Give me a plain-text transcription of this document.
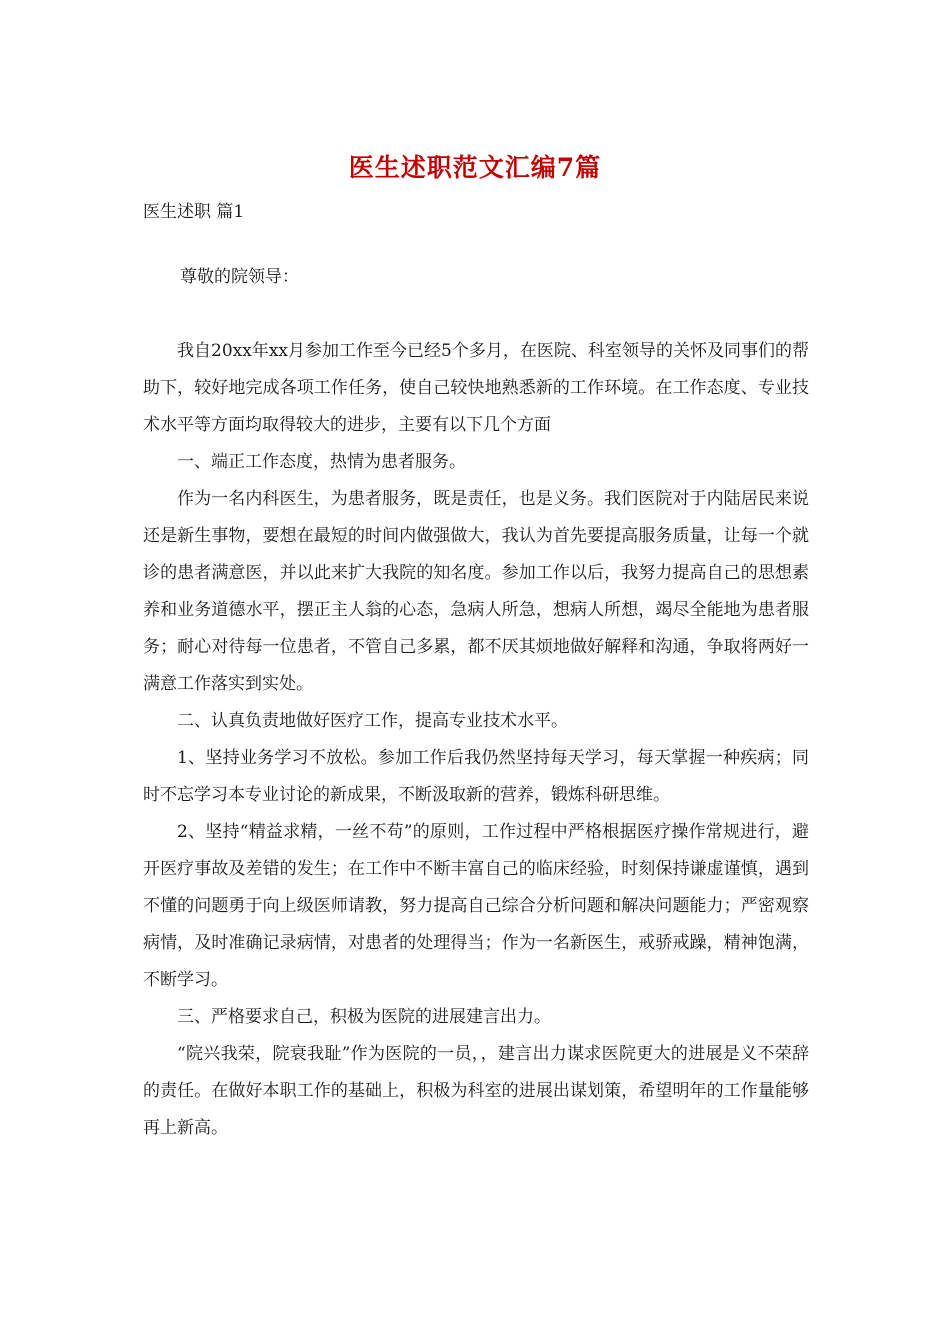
医生述职范文汇编7篇
医生述职 篇1
尊敬的院领导：

我自20xx年xx月参加工作至今已经5个多月，在医院、科室领导的关怀及同事们的帮助下，较好地完成各项工作任务，使自己较快地熟悉新的工作环境。在工作态度、专业技术水平等方面均取得较大的进步，主要有以下几个方面

一、端正工作态度，热情为患者服务。

作为一名内科医生，为患者服务，既是责任，也是义务。我们医院对于内陆居民来说还是新生事物，要想在最短的时间内做强做大，我认为首先要提高服务质量，让每一个就诊的患者满意医，并以此来扩大我院的知名度。参加工作以后，我努力提高自己的思想素养和业务道德水平，摆正主人翁的心态，急病人所急，想病人所想，竭尽全能地为患者服务；耐心对待每一位患者，不管自己多累，都不厌其烦地做好解释和沟通，争取将两好一满意工作落实到实处。

二、认真负责地做好医疗工作，提高专业技术水平。

1、坚持业务学习不放松。参加工作后我仍然坚持每天学习，每天掌握一种疾病；同时不忘学习本专业讨论的新成果，不断汲取新的营养，锻炼科研思维。

2、坚持“精益求精，一丝不苟”的原则，工作过程中严格根据医疗操作常规进行，避开医疗事故及差错的发生；在工作中不断丰富自己的临床经验，时刻保持谦虚谨慎，遇到不懂的问题勇于向上级医师请教，努力提高自己综合分析问题和解决问题能力；严密观察病情，及时准确记录病情，对患者的处理得当；作为一名新医生，戒骄戒躁，精神饱满，不断学习。

三、严格要求自己，积极为医院的进展建言出力。

“院兴我荣，院衰我耻”作为医院的一员，，建言出力谋求医院更大的进展是义不荣辞的责任。在做好本职工作的基础上，积极为科室的进展出谋划策，希望明年的工作量能够再上新高。
